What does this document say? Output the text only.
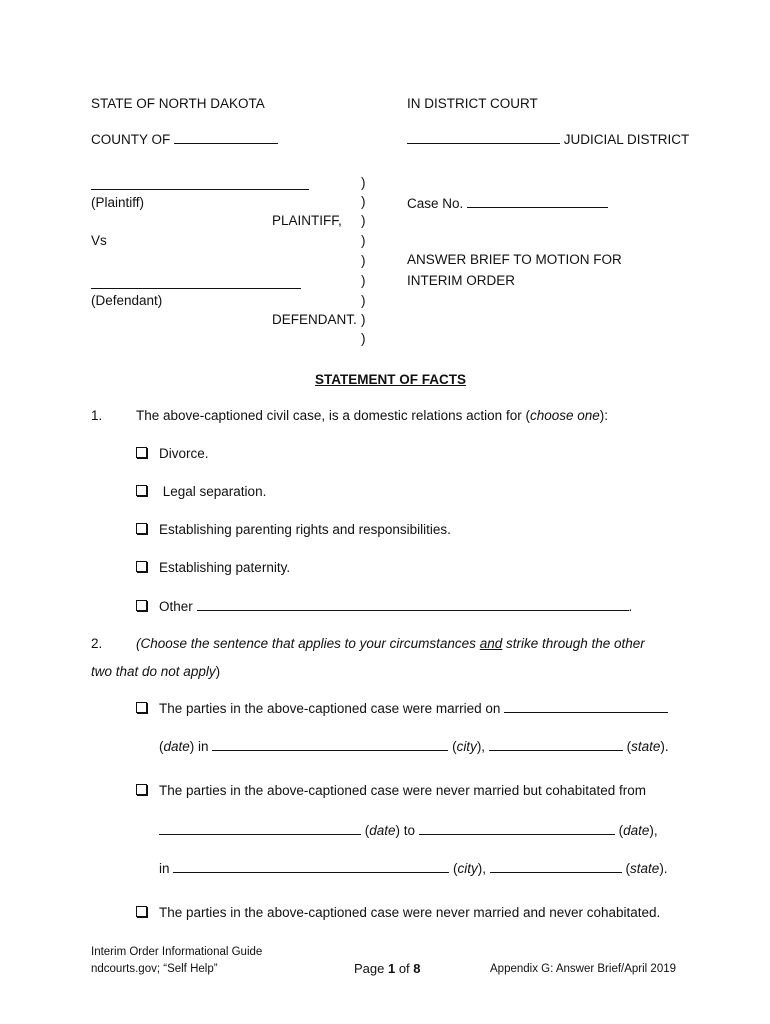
STATE OF NORTH DAKOTA	IN DISTRICT COURT
COUNTY OF	JUDICIAL DISTRICT
(Plaintiff)
PLAINTIFF,
Vs
(Defendant)
DEFENDANT.
)
)
)
)
)
)
)
)
)
Case No.
ANSWER BRIEF TO MOTION FOR
INTERIM ORDER
STATEMENT OF FACTS
1. The above-captioned civil case, is a domestic relations action for (choose one):
Divorce.
Legal separation.
Establishing parenting rights and responsibilities.
Establishing paternity.
Other	.
2. (Choose the sentence that applies to your circumstances and strike through the other
two that do not apply)
The parties in the above-captioned case were married on
(date) in	(city),	(state).
The parties in the above-captioned case were never married but cohabitated from
(date) to	(date),
in	(city),	(state).
The parties in the above-captioned case were never married and never cohabitated.
Interim Order Informational Guide
ndcourts.gov; “Self Help”	Page 1 of 8	Appendix G: Answer Brief/April 2019
